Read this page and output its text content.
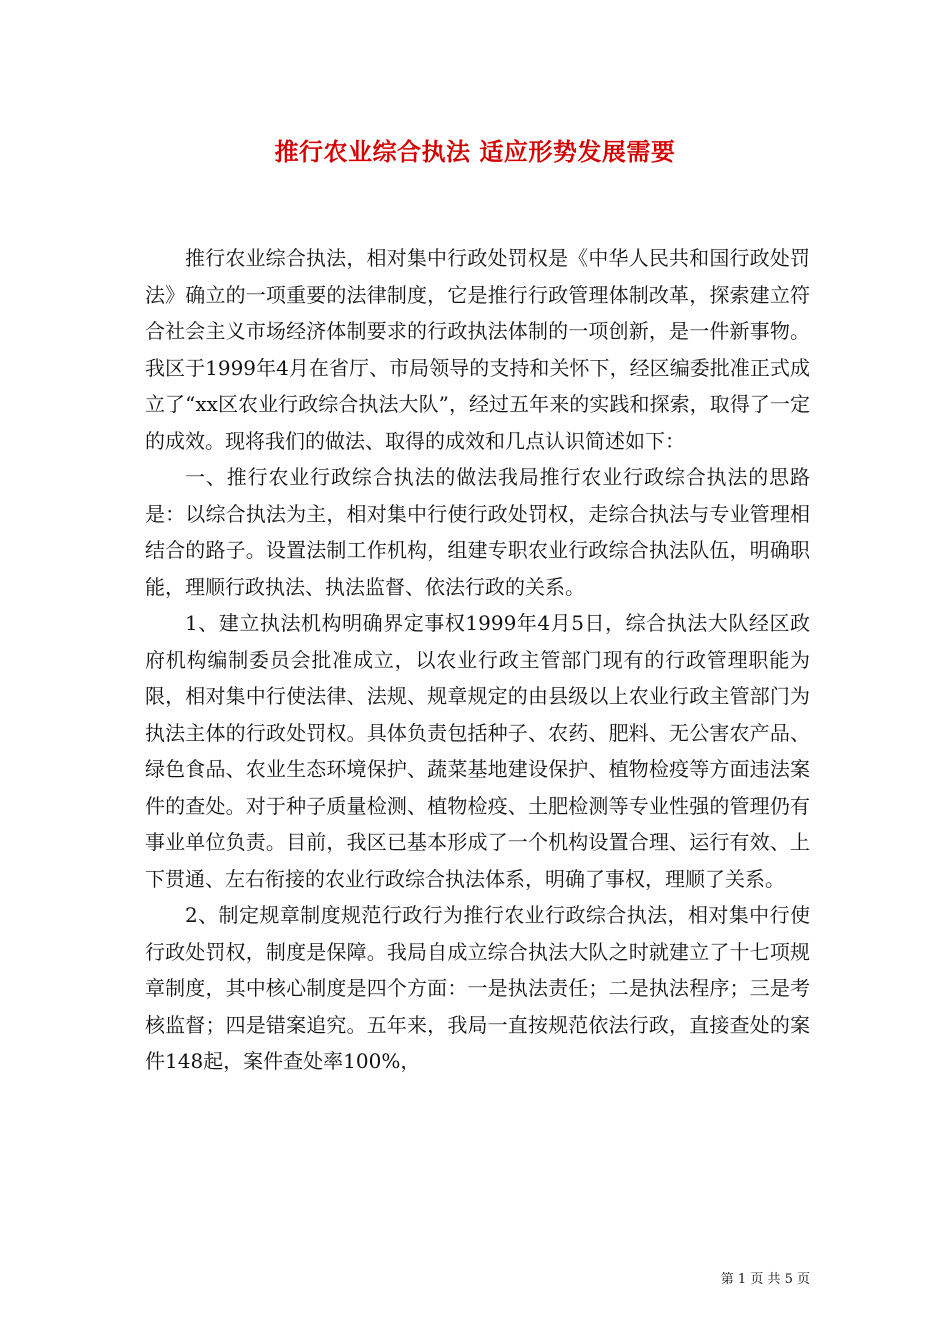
推行农业综合执法 适应形势发展需要

推行农业综合执法，相对集中行政处罚权是《中华人民共和国行政处罚法》确立的一项重要的法律制度，它是推行行政管理体制改革，探索建立符合社会主义市场经济体制要求的行政执法体制的一项创新，是一件新事物。我区于1999年4月在省厅、市局领导的支持和关怀下，经区编委批准正式成立了“xx区农业行政综合执法大队”，经过五年来的实践和探索，取得了一定的成效。现将我们的做法、取得的成效和几点认识简述如下：

一、推行农业行政综合执法的做法我局推行农业行政综合执法的思路是：以综合执法为主，相对集中行使行政处罚权，走综合执法与专业管理相结合的路子。设置法制工作机构，组建专职农业行政综合执法队伍，明确职能，理顺行政执法、执法监督、依法行政的关系。

1、建立执法机构明确界定事权1999年4月5日，综合执法大队经区政府机构编制委员会批准成立，以农业行政主管部门现有的行政管理职能为限，相对集中行使法律、法规、规章规定的由县级以上农业行政主管部门为执法主体的行政处罚权。具体负责包括种子、农药、肥料、无公害农产品、绿色食品、农业生态环境保护、蔬菜基地建设保护、植物检疫等方面违法案件的查处。对于种子质量检测、植物检疫、土肥检测等专业性强的管理仍有事业单位负责。目前，我区已基本形成了一个机构设置合理、运行有效、上下贯通、左右衔接的农业行政综合执法体系，明确了事权，理顺了关系。

2、制定规章制度规范行政行为推行农业行政综合执法，相对集中行使行政处罚权，制度是保障。我局自成立综合执法大队之时就建立了十七项规章制度，其中核心制度是四个方面：一是执法责任；二是执法程序；三是考核监督；四是错案追究。五年来，我局一直按规范依法行政，直接查处的案件148起，案件查处率100%，

第 1 页 共 5 页
